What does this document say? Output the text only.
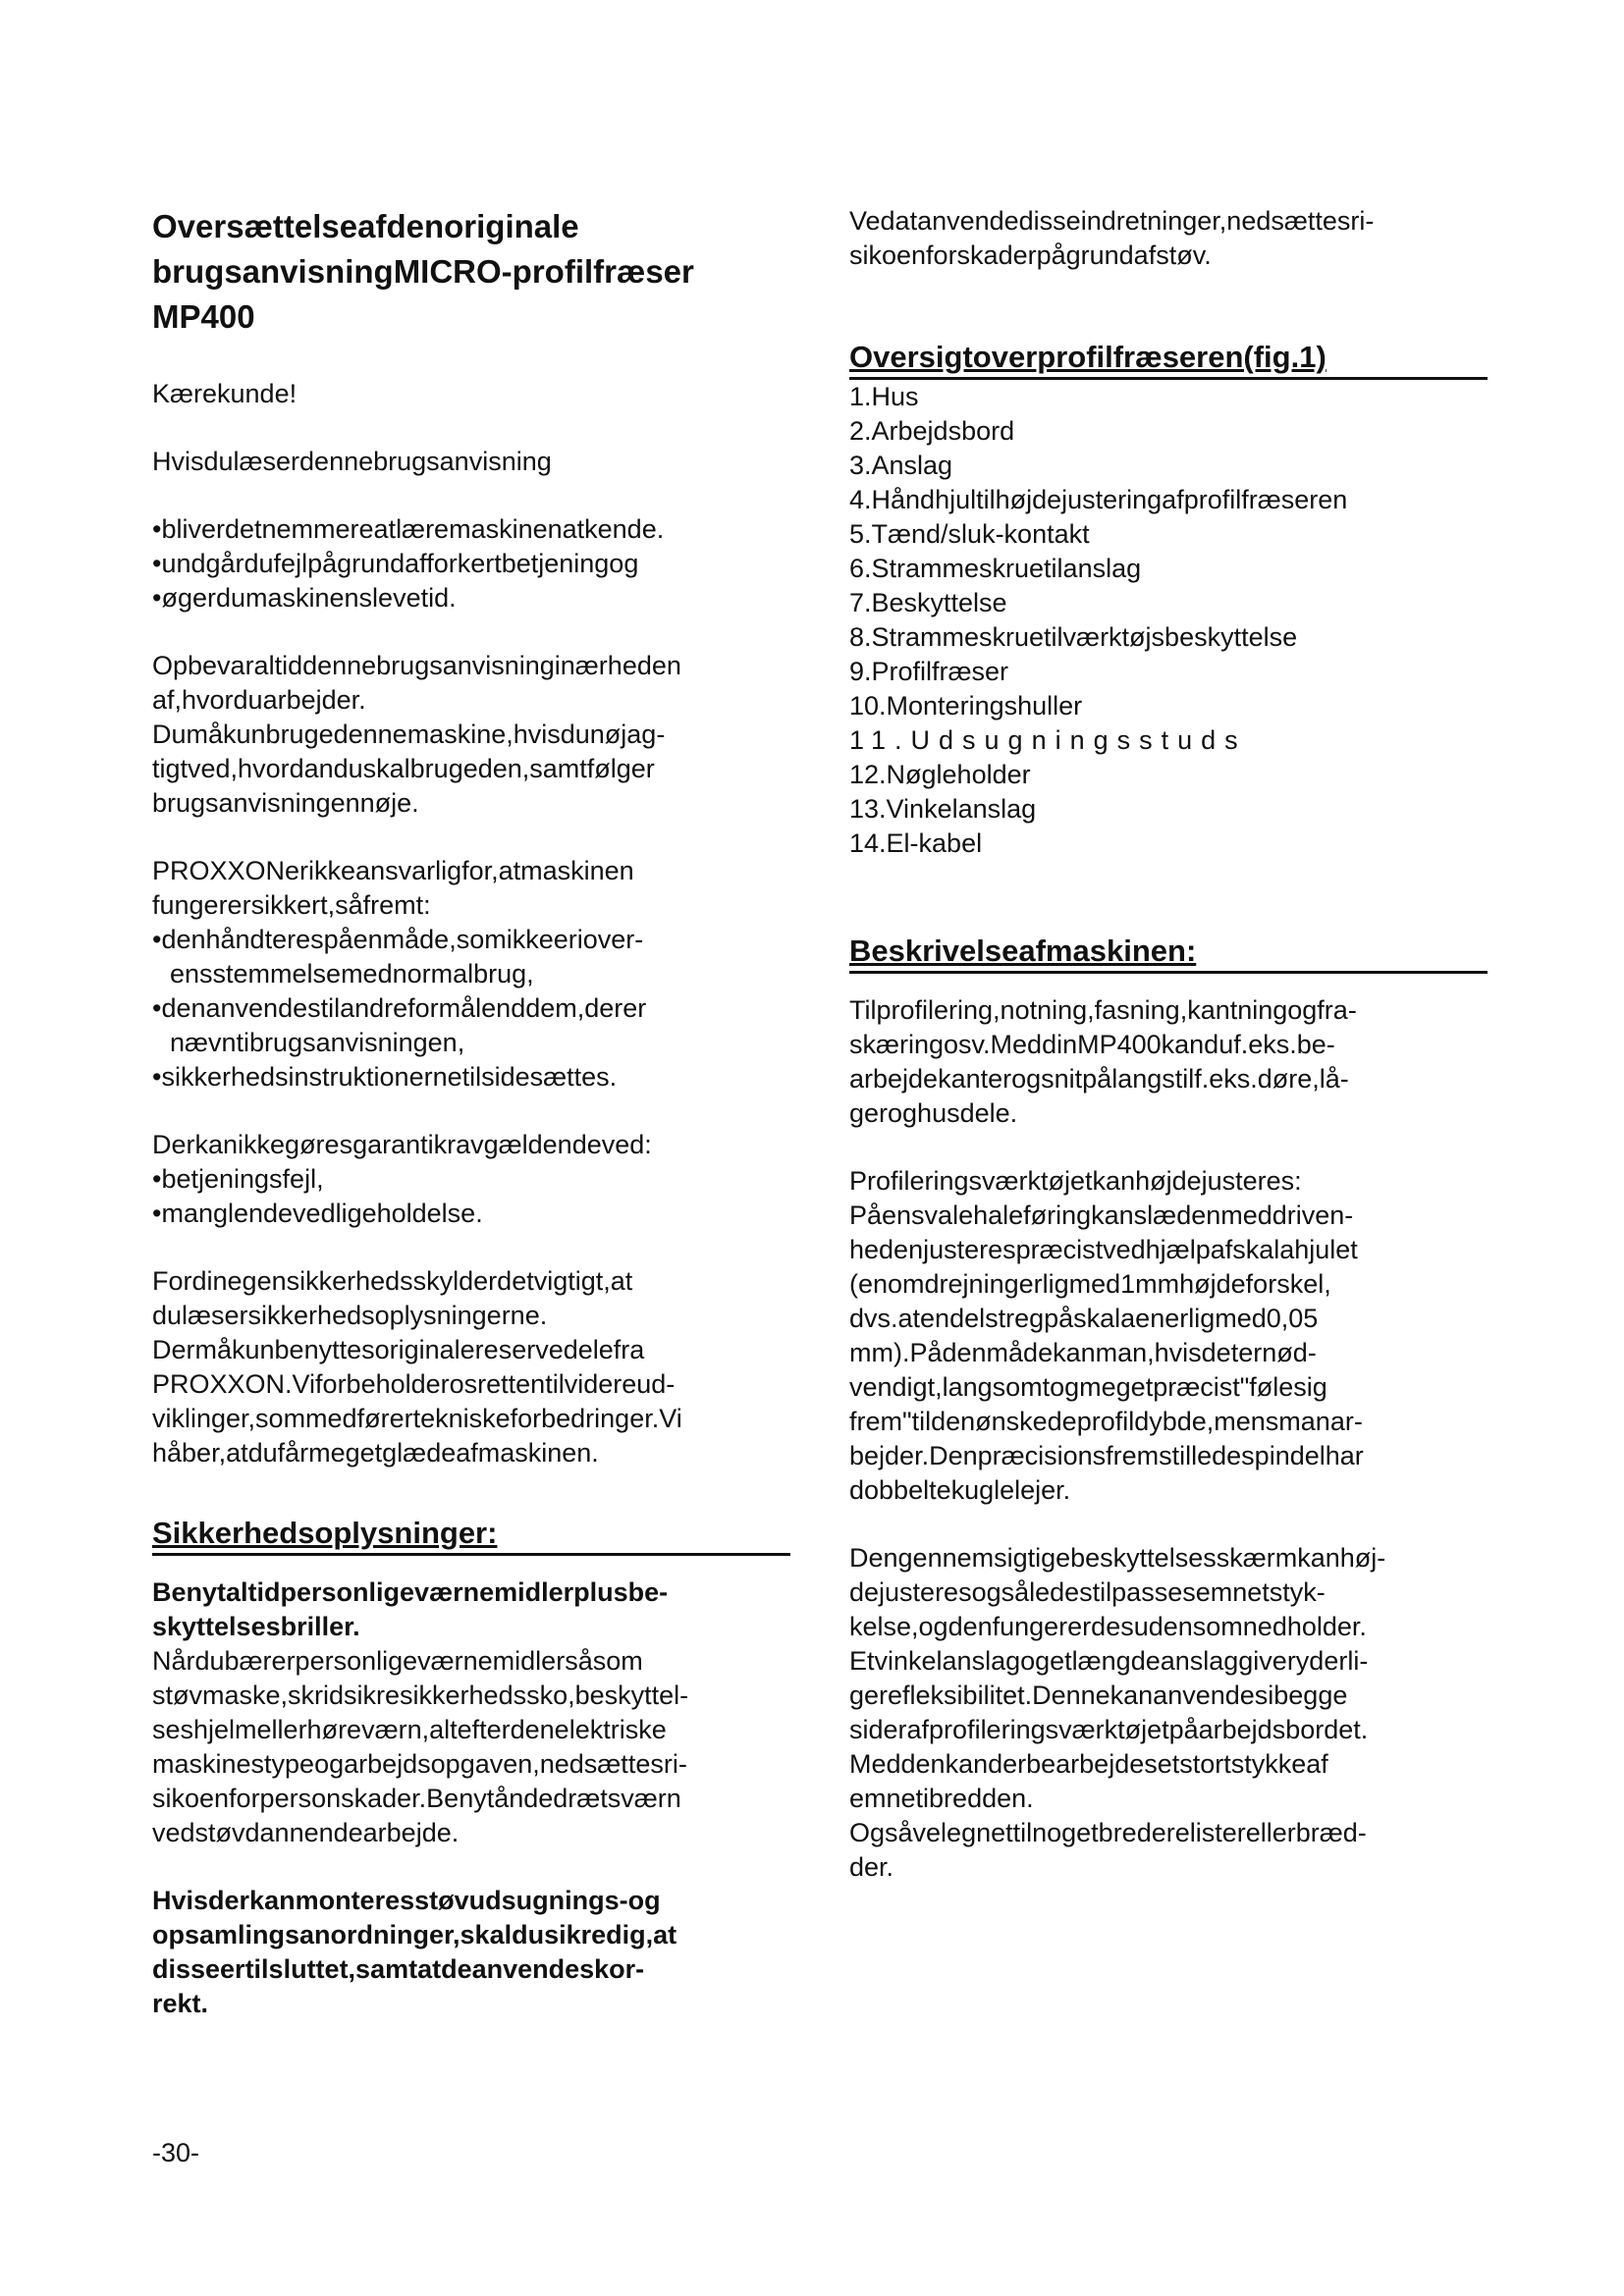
Oversættelseafdenoriginale
brugsanvisningMICRO-profilfræser
MP400

Kærekunde!

Hvisdulæserdennebrugsanvisning

•bliverdetnemmereatlæremaskinenatkende.

•undgårdufejlpågrundafforkertbetjeningog

•øgerdumaskinenslevetid.

Opbevaraltiddennebrugsanvisninginærheden

af,hvorduarbejder.

Dumåkunbrugedennemaskine,hvisdunøjag-

tigtved,hvordanduskalbrugeden,samtfølger

brugsanvisningennøje.

PROXXONerikkeansvarligfor,atmaskinen

fungerersikkert,såfremt:

•denhåndterespåenmåde,somikkeeriover- ensstemmelsemednormalbrug,

•denanvendestilandreformålenddem,derer nævntibrugsanvisningen,

•sikkerhedsinstruktionernetilsidesættes.

Derkanikkegøresgarantikravgældendeved:

•betjeningsfejl,

•manglendevedligeholdelse.

Fordinegensikkerhedsskylderdetvigtigt,at

dulæsersikkerhedsoplysningerne.

Dermåkunbenyttesoriginalereservedelefra

PROXXON.Viforbeholderosrettentilvidereud-

viklinger,sommedførertekniskeforbedringer.Vi

håber,atdufårmegetglædeafmaskinen.

Sikkerhedsoplysninger:

Benytaltidpersonligeværnemidlerplusbe-

skyttelsesbriller.

Nårdubærerpersonligeværnemidlersåsom

støvmaske,skridsikresikkerhedssko,beskyttel-

seshjelmellerhøreværn,altefterdenelektriske

maskinestypeogarbejdsopgaven,nedsættesri-

sikoenforpersonskader.Benytåndedrætsværn

vedstøvdannendearbejde.

Hvisderkanmonteresstøvudsugnings-og

opsamlingsanordninger,skaldusikredig,at

disseertilsluttet,samtatdeanvendeskor-

rekt.

Vedatanvendedisseindretninger,nedsættesri-

sikoenforskaderpågrundafstøv.

Oversigtoverprofilfræseren(fig.1)
1.Hus
2.Arbejdsbord
3.Anslag
4.Håndhjultilhøjdejusteringafprofilfræseren
5.Tænd/sluk-kontakt
6.Strammeskruetilanslag
7.Beskyttelse
8.Strammeskruetilværktøjsbeskyttelse
9.Profilfræser
10.Monteringshuller
11.Udsugningsstuds
12.Nøgleholder
13.Vinkelanslag
14.El-kabel
Beskrivelseafmaskinen:

Tilprofilering,notning,fasning,kantningogfra-

skæringosv.MeddinMP400kanduf.eks.be-

arbejdekanterogsnitpålangstilf.eks.døre,lå-

geroghusdele.

Profileringsværktøjetkanhøjdejusteres:

Påensvalehaleføringkanslædenmeddriven-

hedenjusterespræcistvedhjælpafskalahjulet

(enomdrejningerligmed1mmhøjdeforskel,

dvs.atendelstregpåskalaenerligmed0,05

mm).Pådenmådekanman,hvisdeternød-

vendigt,langsomtogmegetpræcist"følesig

frem"tildenønskedeprofildybde,mensmanar-

bejder.Denpræcisionsfremstilledespindelhar

dobbeltekuglelejer.

Dengennemsigtigebeskyttelsesskærmkanhøj-

dejusteresogsåledestilpassesemnetstyk-

kelse,ogdenfungererdesudensomnedholder.

Etvinkelanslagogetlængdeanslaggiveryderli-

gerefleksibilitet.Dennekananvendesibegge

siderafprofileringsværktøjetpåarbejdsbordet.

Meddenkanderbearbejdesetstortstykkeaf

emnetibredden.

Ogsåvelegnettilnogetbrederelisterellerbræd-

der.

-30-
